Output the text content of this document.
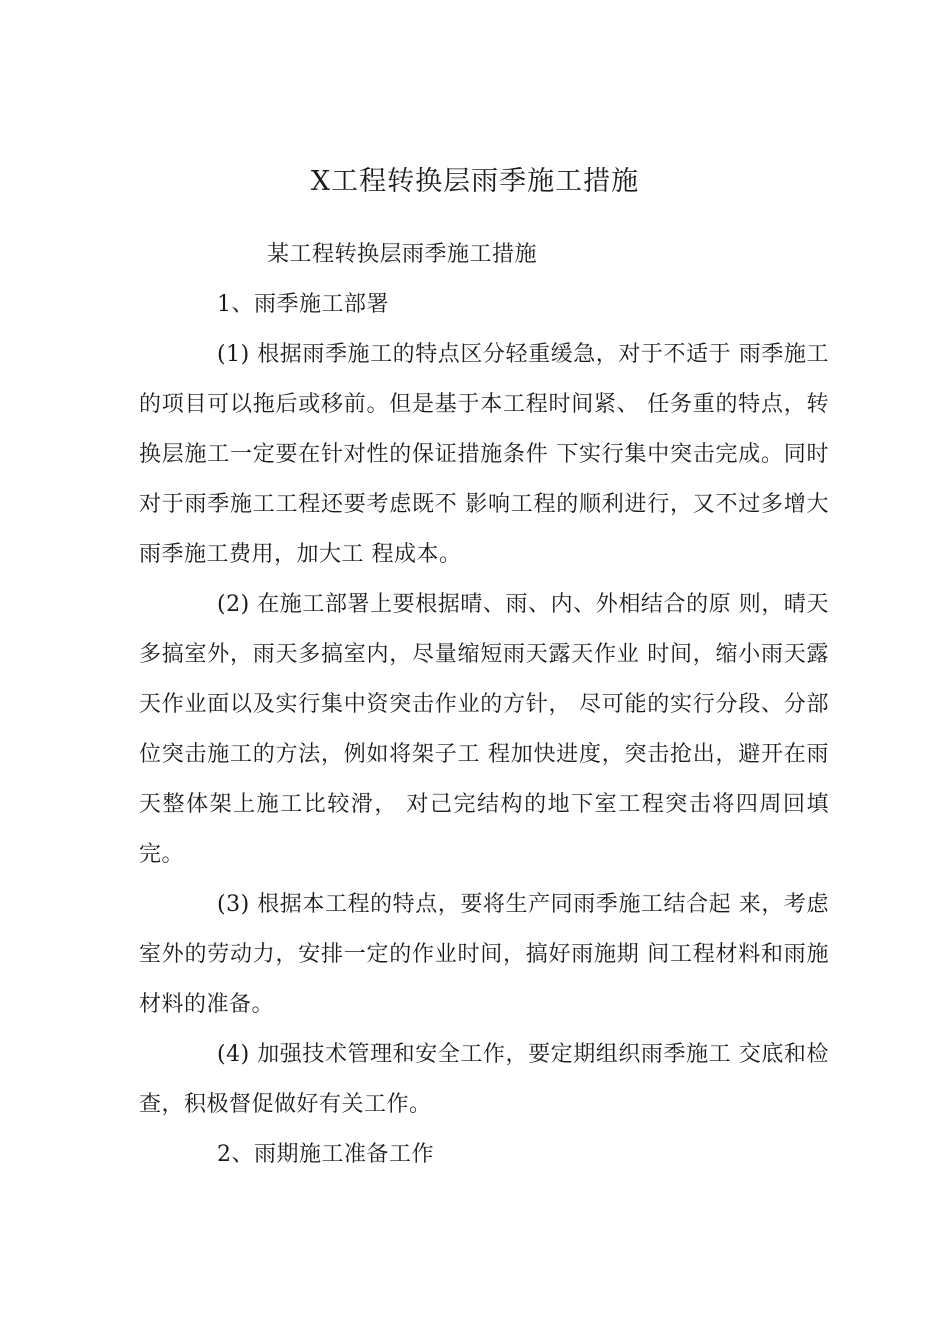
X工程转换层雨季施工措施

某工程转换层雨季施工措施

1、雨季施工部署

(1) 根据雨季施工的特点区分轻重缓急，对于不适于 雨季施工的项目可以拖后或移前。但是基于本工程时间紧、 任务重的特点，转换层施工一定要在针对性的保证措施条件 下实行集中突击完成。同时对于雨季施工工程还要考虑既不 影响工程的顺利进行，又不过多增大雨季施工费用，加大工 程成本。

(2) 在施工部署上要根据晴、雨、内、外相结合的原 则，晴天多搞室外，雨天多搞室内，尽量缩短雨天露天作业 时间，缩小雨天露天作业面以及实行集中资突击作业的方针， 尽可能的实行分段、分部位突击施工的方法，例如将架子工 程加快进度，突击抢出，避开在雨天整体架上施工比较滑， 对己完结构的地下室工程突击将四周回填完。

(3) 根据本工程的特点，要将生产同雨季施工结合起 来，考虑室外的劳动力，安排一定的作业时间，搞好雨施期 间工程材料和雨施材料的准备。

(4) 加强技术管理和安全工作，要定期组织雨季施工 交底和检查，积极督促做好有关工作。

2、雨期施工准备工作
